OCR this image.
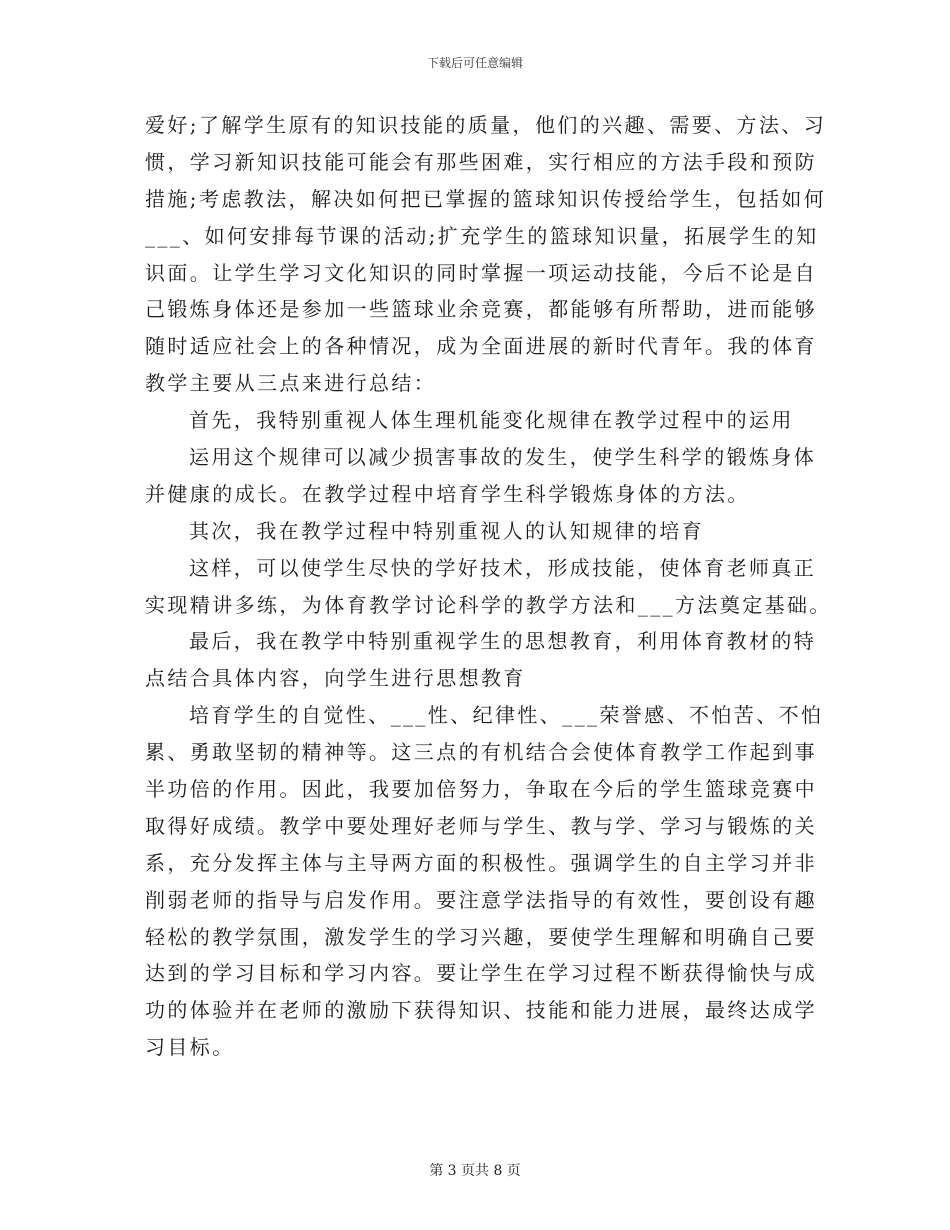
下载后可任意编辑
爱好;了解学生原有的知识技能的质量，他们的兴趣、需要、方法、习
惯，学习新知识技能可能会有那些困难，实行相应的方法手段和预防
措施;考虑教法，解决如何把已掌握的篮球知识传授给学生，包括如何
___、如何安排每节课的活动;扩充学生的篮球知识量，拓展学生的知
识面。让学生学习文化知识的同时掌握一项运动技能，今后不论是自
己锻炼身体还是参加一些篮球业余竞赛，都能够有所帮助，进而能够
随时适应社会上的各种情况，成为全面进展的新时代青年。我的体育
教学主要从三点来进行总结：
首先，我特别重视人体生理机能变化规律在教学过程中的运用
运用这个规律可以减少损害事故的发生，使学生科学的锻炼身体
并健康的成长。在教学过程中培育学生科学锻炼身体的方法。
其次，我在教学过程中特别重视人的认知规律的培育
这样，可以使学生尽快的学好技术，形成技能，使体育老师真正
实现精讲多练，为体育教学讨论科学的教学方法和___方法奠定基础。
最后，我在教学中特别重视学生的思想教育，利用体育教材的特
点结合具体内容，向学生进行思想教育
培育学生的自觉性、___性、纪律性、___荣誉感、不怕苦、不怕
累、勇敢坚韧的精神等。这三点的有机结合会使体育教学工作起到事
半功倍的作用。因此，我要加倍努力，争取在今后的学生篮球竞赛中
取得好成绩。教学中要处理好老师与学生、教与学、学习与锻炼的关
系，充分发挥主体与主导两方面的积极性。强调学生的自主学习并非
削弱老师的指导与启发作用。要注意学法指导的有效性，要创设有趣
轻松的教学氛围，激发学生的学习兴趣，要使学生理解和明确自己要
达到的学习目标和学习内容。要让学生在学习过程不断获得愉快与成
功的体验并在老师的激励下获得知识、技能和能力进展，最终达成学
习目标。
第 3 页共 8 页
